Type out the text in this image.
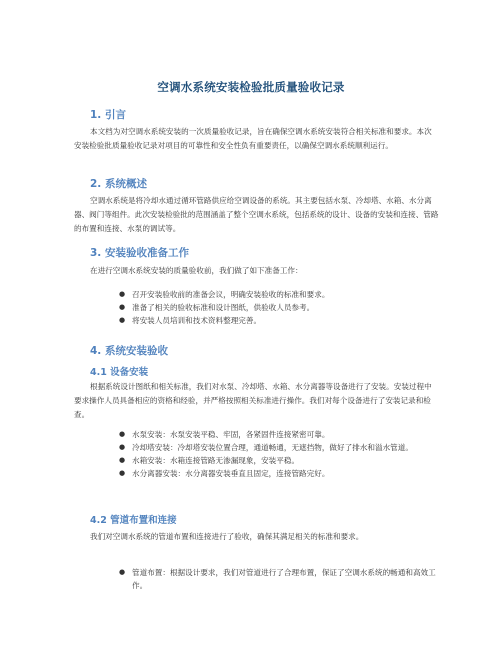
空调水系统安装检验批质量验收记录
1. 引言

本文档为对空调水系统安装的一次质量验收记录，旨在确保空调水系统安装符合相关标准和要求。本次安装检验批质量验收记录对项目的可靠性和安全性负有重要责任，以确保空调水系统顺利运行。

2. 系统概述

空调水系统是将冷却水通过循环管路供应给空调设备的系统。其主要包括水泵、冷却塔、水箱、水分离器、阀门等组件。此次安装检验批的范围涵盖了整个空调水系统，包括系统的设计、设备的安装和连接、管路的布置和连接、水泵的调试等。

3. 安装验收准备工作

在进行空调水系统安装的质量验收前，我们做了如下准备工作：

● 召开安装验收前的准备会议，明确安装验收的标准和要求。
● 准备了相关的验收标准和设计图纸，供验收人员参考。
● 将安装人员培训和技术资料整理完善。
4. 系统安装验收
4.1 设备安装

根据系统设计图纸和相关标准，我们对水泵、冷却塔、水箱、水分离器等设备进行了安装。安装过程中要求操作人员具备相应的资格和经验，并严格按照相关标准进行操作。我们对每个设备进行了安装记录和检查。

● 水泵安装：水泵安装平稳、牢固，各紧固件连接紧密可靠。
● 冷却塔安装：冷却塔安装位置合理，通道畅通，无遮挡物，做好了排水和溢水管道。
● 水箱安装：水箱连接管路无渗漏现象，安装平稳。
● 水分离器安装：水分离器安装垂直且固定，连接管路完好。
4.2 管道布置和连接

我们对空调水系统的管道布置和连接进行了验收，确保其满足相关的标准和要求。

● 管道布置：根据设计要求，我们对管道进行了合理布置，保证了空调水系统的畅通和高效工作。
